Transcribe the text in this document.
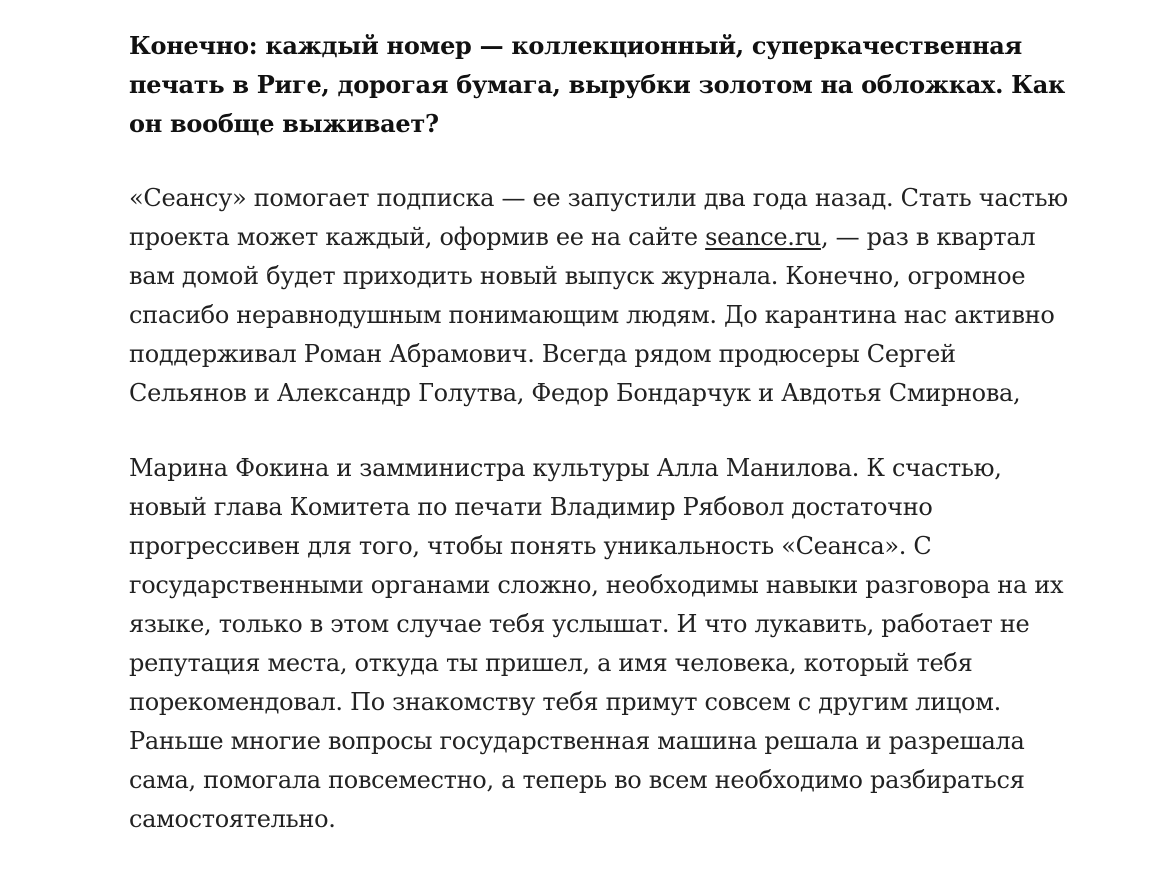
Конечно: каждый номер — коллекционный, суперкачественная печать в Риге, дорогая бумага, вырубки золотом на обложках. Как он вообще выживает?

«Сеансу» помогает подписка — ее запустили два года назад. Стать частью проекта может каждый, оформив ее на сайте seance.ru, — раз в квартал вам домой будет приходить новый выпуск журнала. Конечно, огромное спасибо неравнодушным понимающим людям. До карантина нас активно поддерживал Роман Абрамович. Всегда рядом продюсеры Сергей Сельянов и Александр Голутва, Федор Бондарчук и Авдотья Смирнова,

Марина Фокина и замминистра культуры Алла Манилова. К счастью, новый глава Комитета по печати Владимир Рябовол достаточно прогрессивен для того, чтобы понять уникальность «Сеанса». С государственными органами сложно, необходимы навыки разговора на их языке, только в этом случае тебя услышат. И что лукавить, работает не репутация места, откуда ты пришел, а имя человека, который тебя порекомендовал. По знакомству тебя примут совсем с другим лицом. Раньше многие вопросы государственная машина решала и разрешала сама, помогала повсеместно, а теперь во всем необходимо разбираться самостоятельно.
